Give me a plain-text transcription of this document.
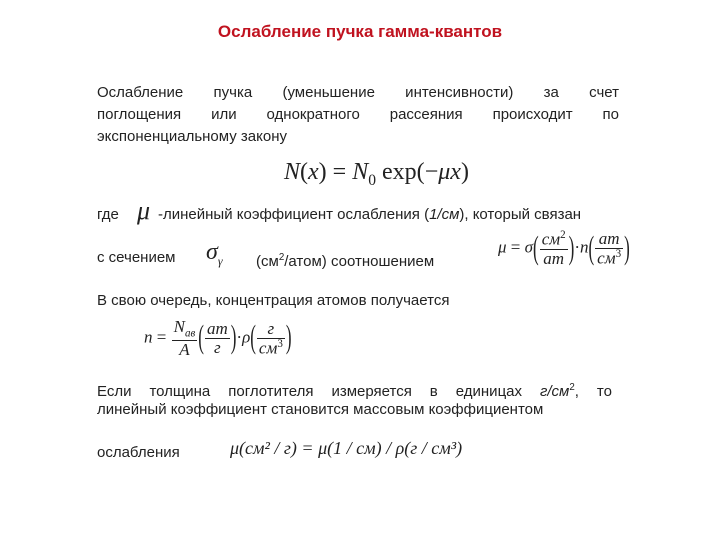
Ослабление пучка гамма-квантов
Ослабление пучка (уменьшение интенсивности) за счет
поглощения или однократного рассеяния происходит по
экспоненциальному закону
$N(x) = N_0$ exp(−μx)
где μ -линейный коэффициент ослабления (1/см), который связан
с сечением $\sigma_\gamma$ $(см^2/атом)$ соотношением
$\mu = \sigma( \frac{см^2}{ат} )\cdot n( \frac{ат}{см^3}$ )
В свою очередь, концентрация атомов получается
$n = \frac{N_{ав}}{A}$ ( $\frac{ат}{г} )\cdot\rho( \frac{г}{см^3}$ )
Если толщина поглотителя измеряется в единицах $г/см^2$, то
линейный коэффициент становится массовым коэффициентом
ослабления	μ(см² / г) = μ(1 / см) / ρ(г / см³)
